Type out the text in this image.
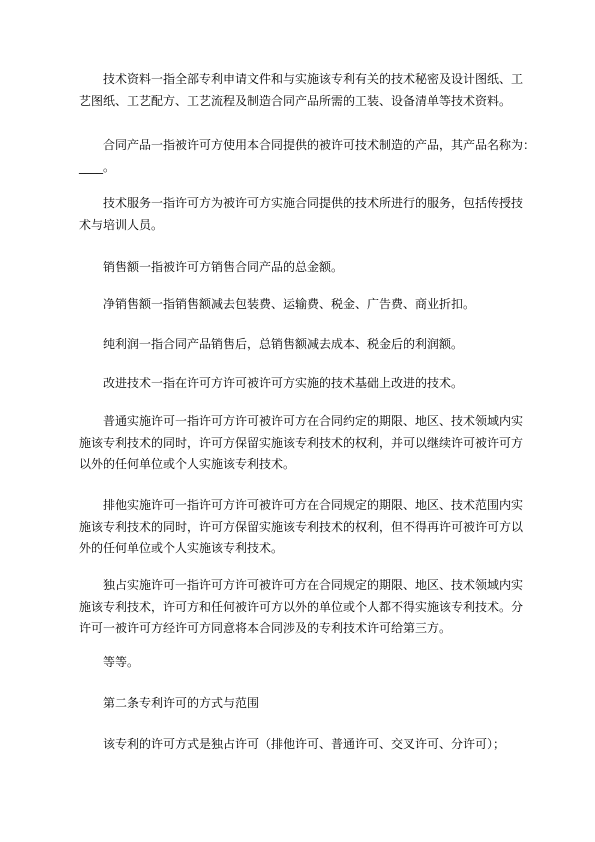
技术资料一指全部专利申请文件和与实施该专利有关的技术秘密及设计图纸、工
艺图纸、工艺配方、工艺流程及制造合同产品所需的工装、设备清单等技术资料。
合同产品一指被许可方使用本合同提供的被许可技术制造的产品，其产品名称为：
____。
技术服务一指许可方为被许可方实施合同提供的技术所进行的服务，包括传授技
术与培训人员。
销售额一指被许可方销售合同产品的总金额。
净销售额一指销售额减去包装费、运输费、税金、广告费、商业折扣。
纯利润一指合同产品销售后，总销售额减去成本、税金后的利润额。
改进技术一指在许可方许可被许可方实施的技术基础上改进的技术。
普通实施许可一指许可方许可被许可方在合同约定的期限、地区、技术领域内实
施该专利技术的同时，许可方保留实施该专利技术的权利，并可以继续许可被许可方
以外的任何单位或个人实施该专利技术。
排他实施许可一指许可方许可被许可方在合同规定的期限、地区、技术范围内实
施该专利技术的同时，许可方保留实施该专利技术的权利，但不得再许可被许可方以
外的任何单位或个人实施该专利技术。
独占实施许可一指许可方许可被许可方在合同规定的期限、地区、技术领域内实
施该专利技术，许可方和任何被许可方以外的单位或个人都不得实施该专利技术。分
许可一被许可方经许可方同意将本合同涉及的专利技术许可给第三方。
等等。
第二条专利许可的方式与范围
该专利的许可方式是独占许可（排他许可、普通许可、交叉许可、分许可）；
